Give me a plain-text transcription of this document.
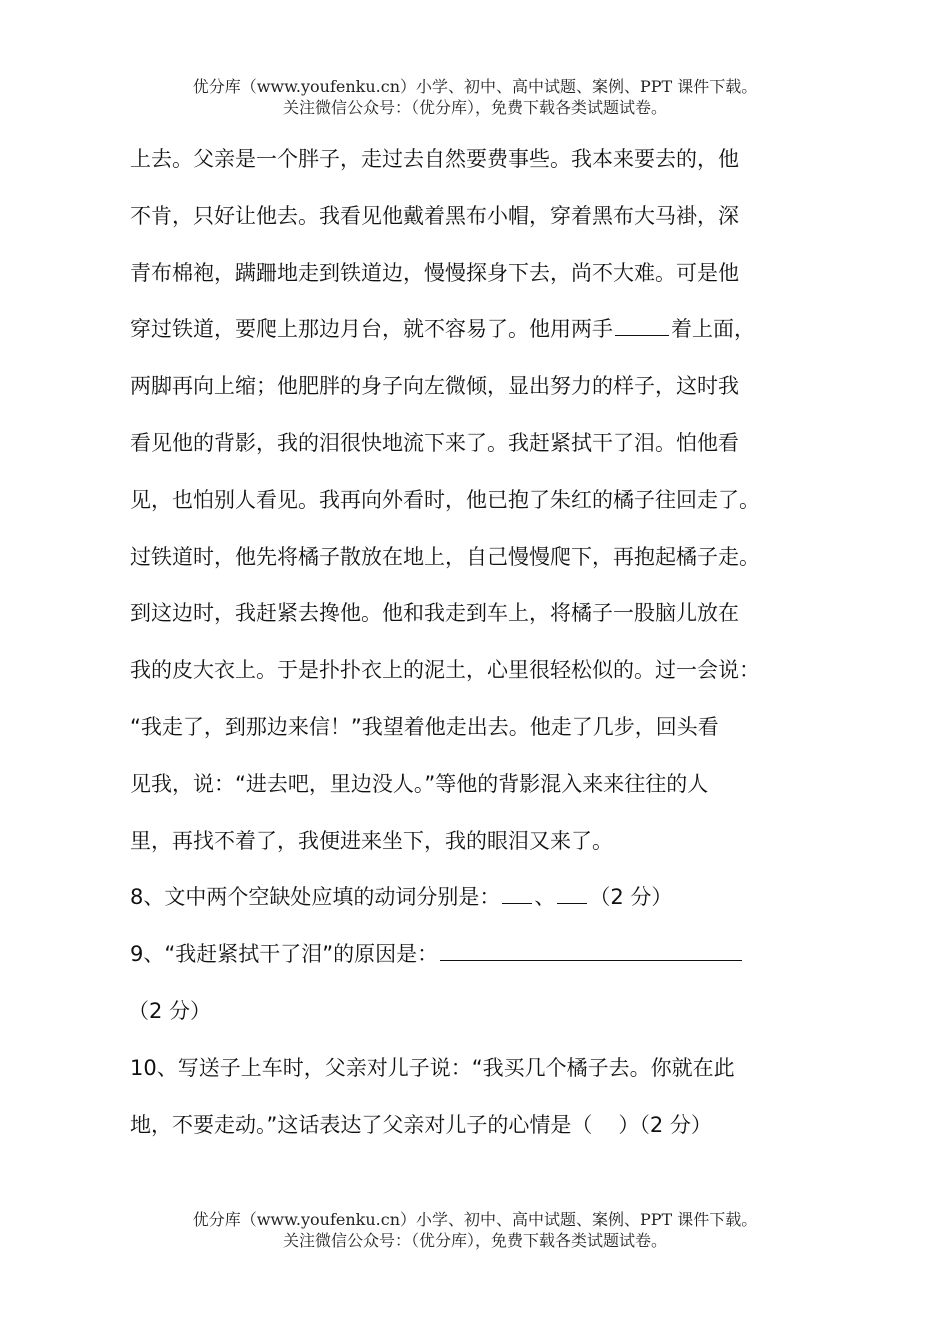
优分库（www.youfenku.cn）小学、初中、高中试题、案例、PPT 课件下载。
关注微信公众号：（优分库），免费下载各类试题试卷。
上去。父亲是一个胖子，走过去自然要费事些。我本来要去的，他
不肯，只好让他去。我看见他戴着黑布小帽，穿着黑布大马褂，深
青布棉袍，蹒跚地走到铁道边，慢慢探身下去，尚不大难。可是他
穿过铁道，要爬上那边月台，就不容易了。他用两手	着上面，
两脚再向上缩；他肥胖的身子向左微倾，显出努力的样子，这时我
看见他的背影，我的泪很快地流下来了。我赶紧拭干了泪。怕他看
见，也怕别人看见。我再向外看时，他已抱了朱红的橘子往回走了。
过铁道时，他先将橘子散放在地上，自己慢慢爬下，再抱起橘子走。
到这边时，我赶紧去搀他。他和我走到车上，将橘子一股脑儿放在
我的皮大衣上。于是扑扑衣上的泥土，心里很轻松似的。过一会说：
“我走了，到那边来信！”我望着他走出去。他走了几步，回头看
见我，说：“进去吧，里边没人。”等他的背影混入来来往往的人
里，再找不着了，我便进来坐下，我的眼泪又来了。
8、文中两个空缺处应填的动词分别是： 、 （2 分）
9、“我赶紧拭干了泪”的原因是：
（2 分）
10、写送子上车时，父亲对儿子说：“我买几个橘子去。你就在此
地，不要走动。”这话表达了父亲对儿子的心情是（ ）（2 分）
优分库（www.youfenku.cn）小学、初中、高中试题、案例、PPT 课件下载。
关注微信公众号：（优分库），免费下载各类试题试卷。
